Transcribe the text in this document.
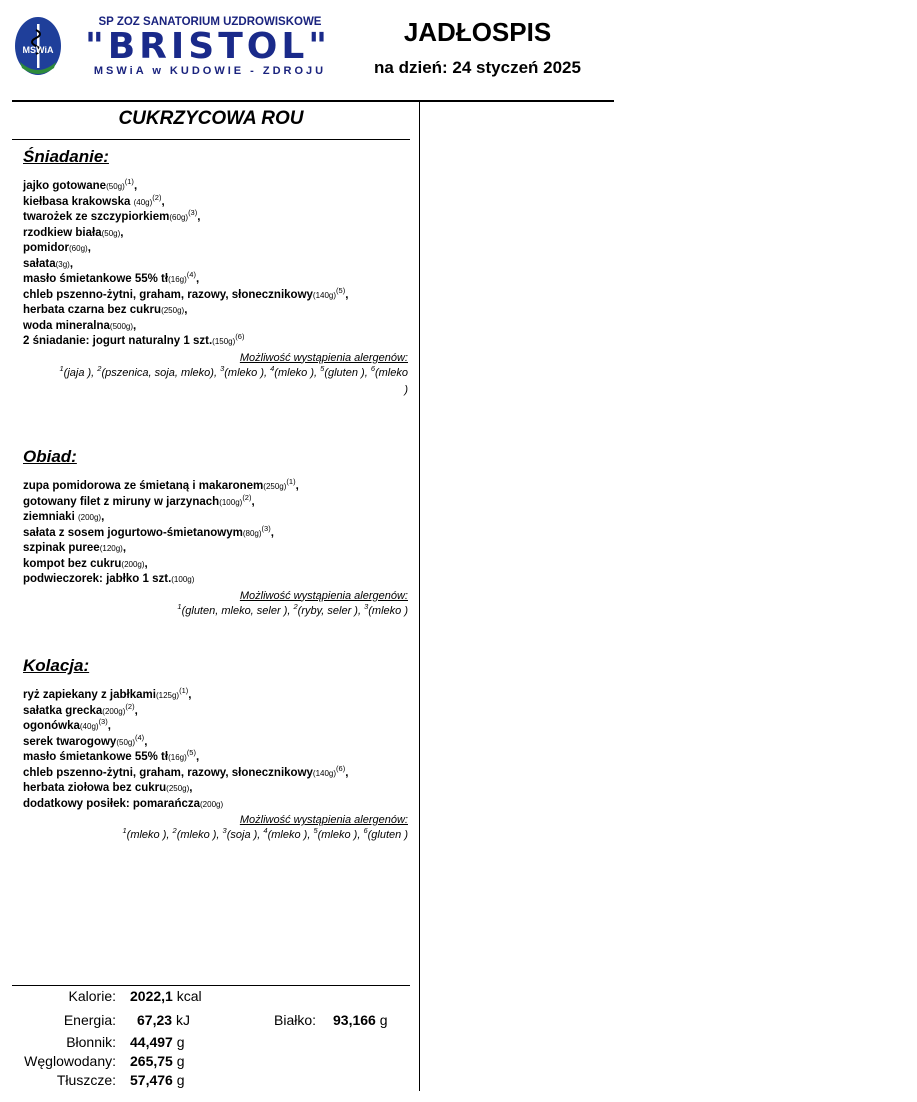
MSWiA
SP ZOZ SANATORIUM UZDROWISKOWE
"BRISTOL"
MSWiA w KUDOWIE - ZDROJU
JADŁOSPIS
na dzień: 24 styczeń 2025
CUKRZYCOWA ROU
Śniadanie:
jajko $gotowane(50g)^{(1)}$,
kiełbasa krakowska $(40g)^{(2)}$,
twarożek ze $szczypiorkiem(60g)^{(3)}$,
rzodkiew biała(50g),
pomidor(60g),
sałata(3g),
masło śmietankowe 55% $tł(16g)^{(4)}$,
chleb pszenno-żytni, graham, razowy, $słonecznikowy(140g)^{(5)}$,
herbata czarna bez cukru(250g),
woda mineralna(500g),
2 śniadanie: jogurt naturalny 1 $szt.(150g)^{(6)}$
Możliwość wystąpienia alergenów:
$^1$(jaja ), $^2$(pszenica, soja, mleko), $^3$(mleko ), $^4$(mleko ), $^5$(gluten ), $^6$(mleko )
Obiad:
zupa pomidorowa ze śmietaną i $makaronem(250g)^{(1)}$,
gotowany filet z miruny w $jarzynach(100g)^{(2)}$,
ziemniaki (200g),
sałata z sosem jogurtowo-$śmietanowym(80g)^{(3)}$,
szpinak puree(120g),
kompot bez cukru(200g),
podwieczorek: jabłko 1 szt.(100g)
Możliwość wystąpienia alergenów:
$^1$(gluten, mleko, seler ), $^2$(ryby, seler ), $^3$(mleko )
Kolacja:
ryż zapiekany z $jabłkami(125g)^{(1)}$,
sałatka $grecka(200g)^{(2)}$,
$ogonówka(40g)^{(3)}$,
serek $twarogowy(50g)^{(4)}$,
masło śmietankowe 55% $tł(16g)^{(5)}$,
chleb pszenno-żytni, graham, razowy, $słonecznikowy(140g)^{(6)}$,
herbata ziołowa bez cukru(250g),
dodatkowy posiłek: pomarańcza(200g)
Możliwość wystąpienia alergenów:
$^1$(mleko ), $^2$(mleko ), $^3$(soja ), $^4$(mleko ), $^5$(mleko ), $^6$(gluten )
Kalorie: 2022,1 kcal
Energia: 67,23 kJ
Błonnik: 44,497 g
Węglowodany: 265,75 g
Tłuszcze: 57,476 g
Białko: 93,166 g
